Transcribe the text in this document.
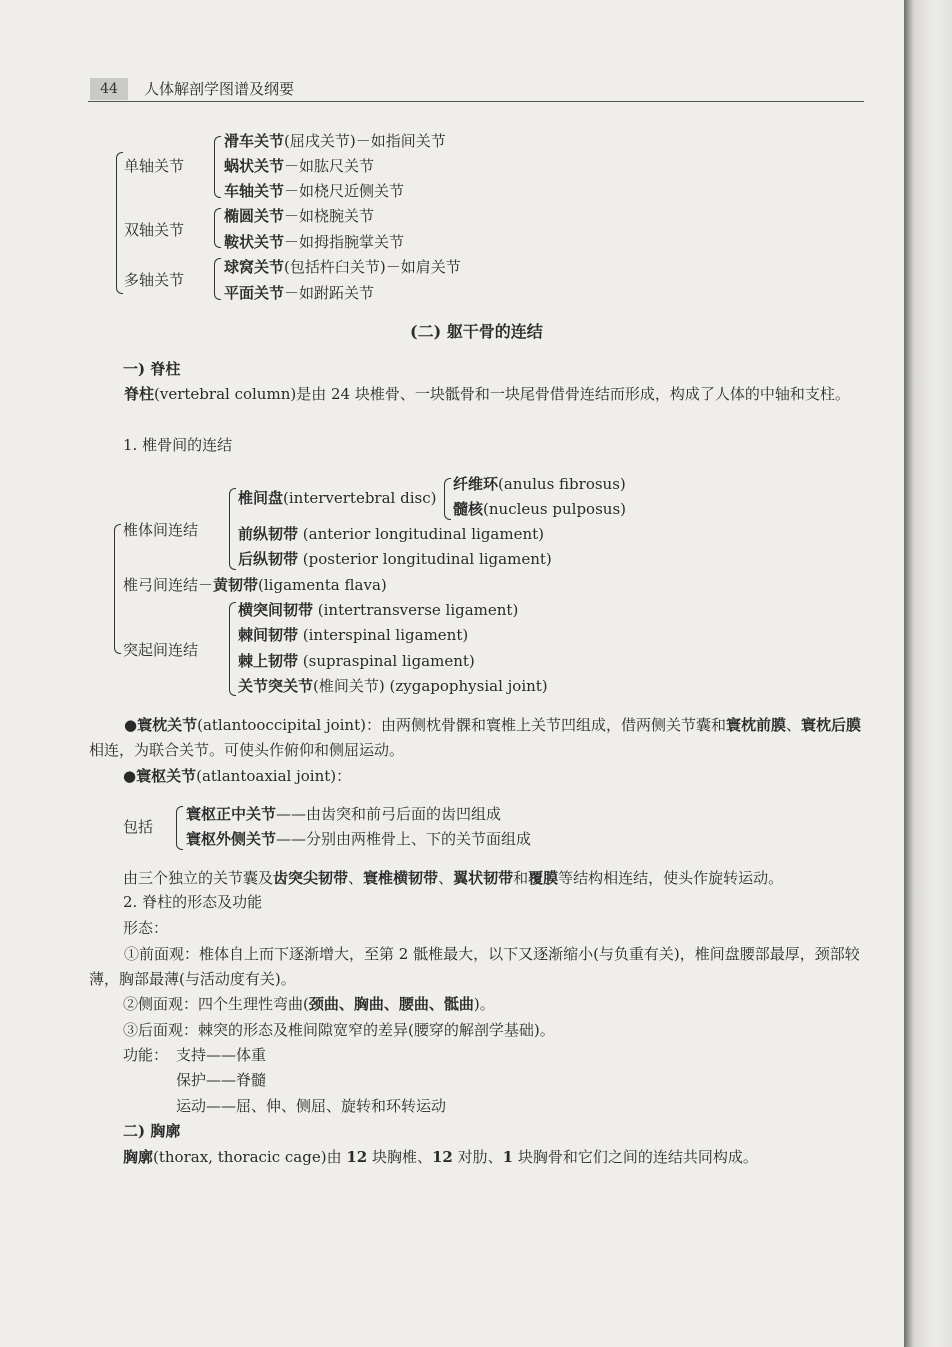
44	人体解剖学图谱及纲要
单轴关节
双轴关节
多轴关节
滑车关节(屈戌关节)－如指间关节
蜗状关节－如肱尺关节
车轴关节－如桡尺近侧关节
椭圆关节－如桡腕关节
鞍状关节－如拇指腕掌关节
球窝关节(包括杵臼关节)－如肩关节
平面关节－如跗跖关节
(二) 躯干骨的连结
一) 脊柱

脊柱(vertebral column)是由 24 块椎骨、一块骶骨和一块尾骨借骨连结而形成，构成了人体的中轴和支柱。

1. 椎骨间的连结
椎体间连结
椎弓间连结－黄韧带(ligamenta flava)
突起间连结
椎间盘(intervertebral disc)
纤维环(anulus fibrosus)
髓核(nucleus pulposus)
前纵韧带 (anterior longitudinal ligament)
后纵韧带 (posterior longitudinal ligament)
横突间韧带 (intertransverse ligament)
棘间韧带 (interspinal ligament)
棘上韧带 (supraspinal ligament)
关节突关节(椎间关节) (zygapophysial joint)

●寰枕关节(atlantooccipital joint)：由两侧枕骨髁和寰椎上关节凹组成，借两侧关节囊和寰枕前膜、寰枕后膜相连，为联合关节。可使头作俯仰和侧屈运动。

●寰枢关节(atlantoaxial joint)：
包括
寰枢正中关节——由齿突和前弓后面的齿凹组成
寰枢外侧关节——分别由两椎骨上、下的关节面组成
由三个独立的关节囊及齿突尖韧带、寰椎横韧带、翼状韧带和覆膜等结构相连结，使头作旋转运动。
2. 脊柱的形态及功能
形态：

①前面观：椎体自上而下逐渐增大，至第 2 骶椎最大，以下又逐渐缩小(与负重有关)，椎间盘腰部最厚，颈部较薄，胸部最薄(与活动度有关)。

②侧面观：四个生理性弯曲(颈曲、胸曲、腰曲、骶曲)。
③后面观：棘突的形态及椎间隙宽窄的差异(腰穿的解剖学基础)。
功能： 支持——体重
保护——脊髓
运动——屈、伸、侧屈、旋转和环转运动
二) 胸廓
胸廓(thorax, thoracic cage)由 12 块胸椎、12 对肋、1 块胸骨和它们之间的连结共同构成。
